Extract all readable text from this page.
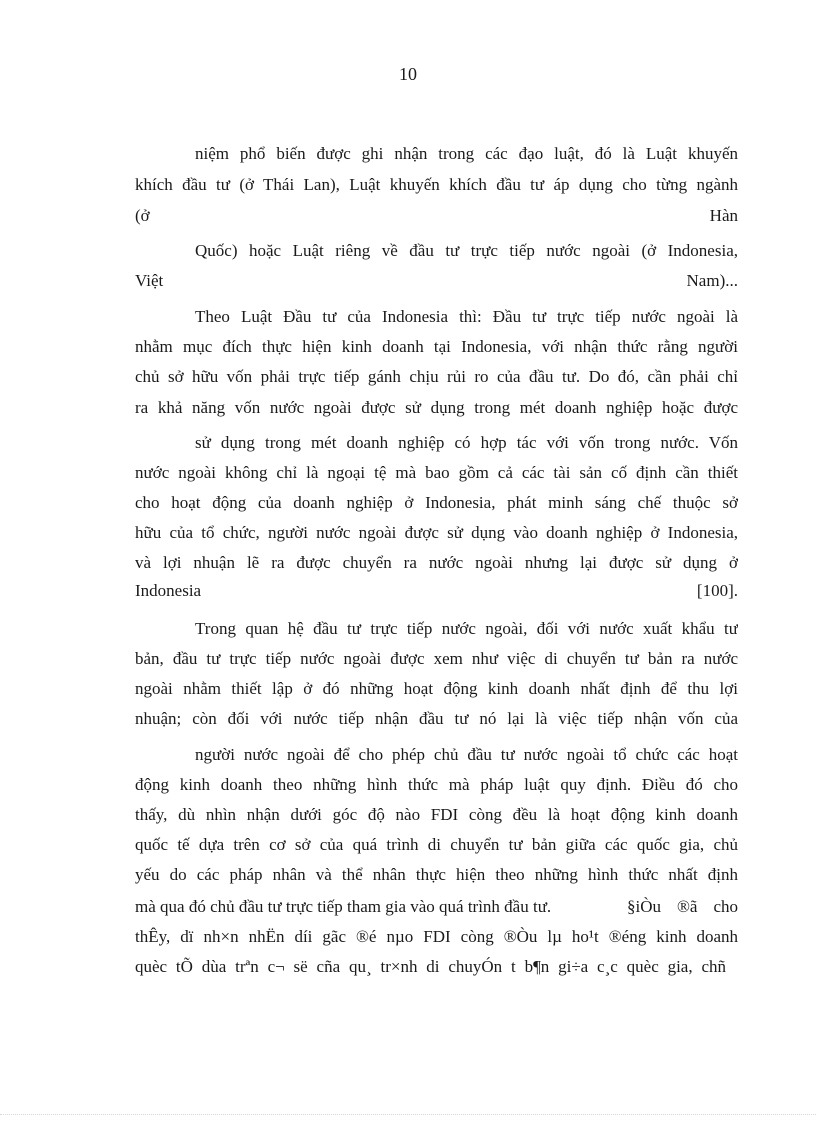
10
niệm phổ biến được ghi nhận trong các đạo luật, đó là Luật khuyến
khích đầu tư (ở Thái Lan), Luật khuyến khích đầu tư áp dụng cho từng ngành
(ở	Hàn
Quốc) hoặc Luật riêng về đầu tư trực tiếp nước ngoài (ở Indonesia,
Việt	Nam)...
Theo Luật Đầu tư của Indonesia thì: Đầu tư trực tiếp nước ngoài là
nhằm mục đích thực hiện kinh doanh tại Indonesia, với nhận thức rằng người
chủ sở hữu vốn phải trực tiếp gánh chịu rủi ro của đầu tư. Do đó, cần phải chỉ
ra khả năng vốn nước ngoài được sử dụng trong mét doanh nghiệp hoặc được
sử dụng trong mét doanh nghiệp có hợp tác với vốn trong nước. Vốn
nước ngoài không chỉ là ngoại tệ mà bao gồm cả các tài sản cố định cần thiết
cho hoạt động của doanh nghiệp ở Indonesia, phát minh sáng chế thuộc sở
hữu của tổ chức, người nước ngoài được sử dụng vào doanh nghiệp ở Indonesia,
và lợi nhuận lẽ ra được chuyển ra nước ngoài nhưng lại được sử dụng ở
Indonesia	[100].
Trong quan hệ đầu tư trực tiếp nước ngoài, đối với nước xuất khẩu tư
bản, đầu tư trực tiếp nước ngoài được xem như việc di chuyển tư bản ra nước
ngoài nhằm thiết lập ở đó những hoạt động kinh doanh nhất định để thu lợi
nhuận; còn đối với nước tiếp nhận đầu tư nó lại là việc tiếp nhận vốn của
người nước ngoài để cho phép chủ đầu tư nước ngoài tổ chức các hoạt
động kinh doanh theo những hình thức mà pháp luật quy định. Điều đó cho
thấy, dù nhìn nhận dưới góc độ nào FDI còng đều là hoạt động kinh doanh
quốc tế dựa trên cơ sở của quá trình di chuyển tư bản giữa các quốc gia, chủ
yếu do các pháp nhân và thể nhân thực hiện theo những hình thức nhất định
mà qua đó chủ đầu tư trực tiếp tham gia vào quá trình đầu tư.	§iÒu ®ã cho
thÊy, dï nh×n nhËn díi gãc ®é nµo FDI còng ®Òu lµ ho¹t ®éng kinh doanh
quèc tÕ dùa trªn c¬ së cña qu¸ tr×nh di chuyÓn t b¶n gi÷a c¸c quèc gia, chñ
